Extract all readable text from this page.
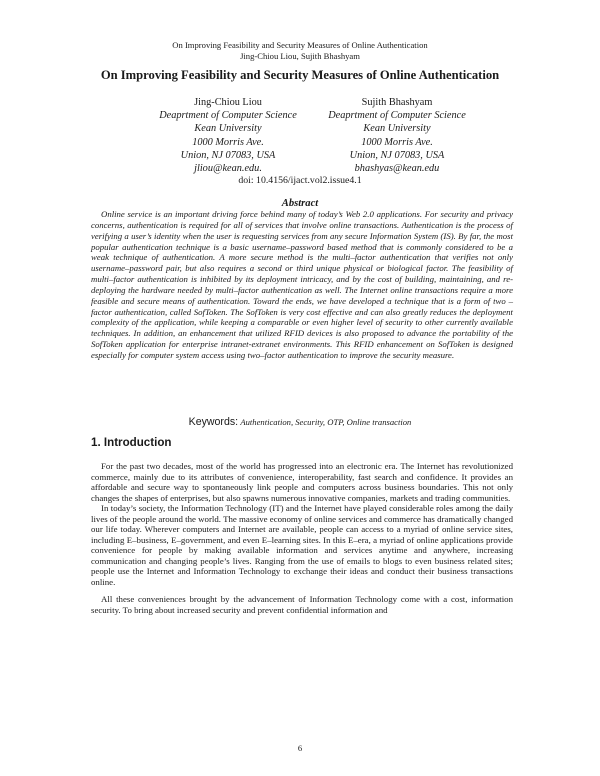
On Improving Feasibility and Security Measures of Online Authentication
Jing-Chiou Liou, Sujith Bhashyam
On Improving Feasibility and Security Measures of Online Authentication
Jing-Chiou Liou
Deaprtment of Computer Science
Kean University
1000 Morris Ave.
Union, NJ 07083, USA
jliou@kean.edu.
Sujith Bhashyam
Deaprtment of Computer Science
Kean University
1000 Morris Ave.
Union, NJ 07083, USA
bhashyas@kean.edu
doi: 10.4156/ijact.vol2.issue4.1
Abstract

Online service is an important driving force behind many of today’s Web 2.0 applications. For security and privacy concerns, authentication is required for all of services that involve online transactions. Authentication is the process of verifying a user’s identity when the user is requesting services from any secure Information System (IS). By far, the most popular authentication technique is a basic username–password based method that is commonly considered to be a weak technique of authentication. A more secure method is the multi–factor authentication that verifies not only username–password pair, but also requires a second or third unique physical or biological factor. The feasibility of multi–factor authentication is inhibited by its deployment intricacy, and by the cost of building, maintaining, and re-deploying the hardware needed by multi–factor authentication as well. The Internet online transactions require a more feasible and secure means of authentication. Toward the ends, we have developed a technique that is a form of two – factor authentication, called SofToken. The SofToken is very cost effective and can also greatly reduces the deployment complexity of the application, while keeping a comparable or even higher level of security to other currently available techniques. In addition, an enhancement that utilized RFID devices is also proposed to advance the portability of the SofToken application for enterprise intranet-extranet environments. This RFID enhancement on SofToken is designed especially for computer system access using two–factor authentication to improve the security measure.

Keywords: Authentication, Security, OTP, Online transaction
1. Introduction

For the past two decades, most of the world has progressed into an electronic era. The Internet has revolutionized commerce, mainly due to its attributes of convenience, interoperability, fast search and confidence. It provides an affordable and secure way to spontaneously link people and computers across business boundaries. This not only changes the shapes of enterprises, but also spawns numerous innovative companies, markets and trading communities.

In today’s society, the Information Technology (IT) and the Internet have played considerable roles among the daily lives of the people around the world. The massive economy of online services and commerce has dramatically changed our life today. Wherever computers and Internet are available, people can access to a myriad of online service sites, including E–business, E–government, and even E–learning sites. In this E–era, a myriad of online applications provide convenience for people by making available information and services anytime and anywhere, increasing communication and changing people’s lives. Ranging from the use of emails to blogs to even business related sites; people use the Internet and Information Technology to exchange their ideas and conduct their business transactions online.

All these conveniences brought by the advancement of Information Technology come with a cost, information security. To bring about increased security and prevent confidential information and

6
